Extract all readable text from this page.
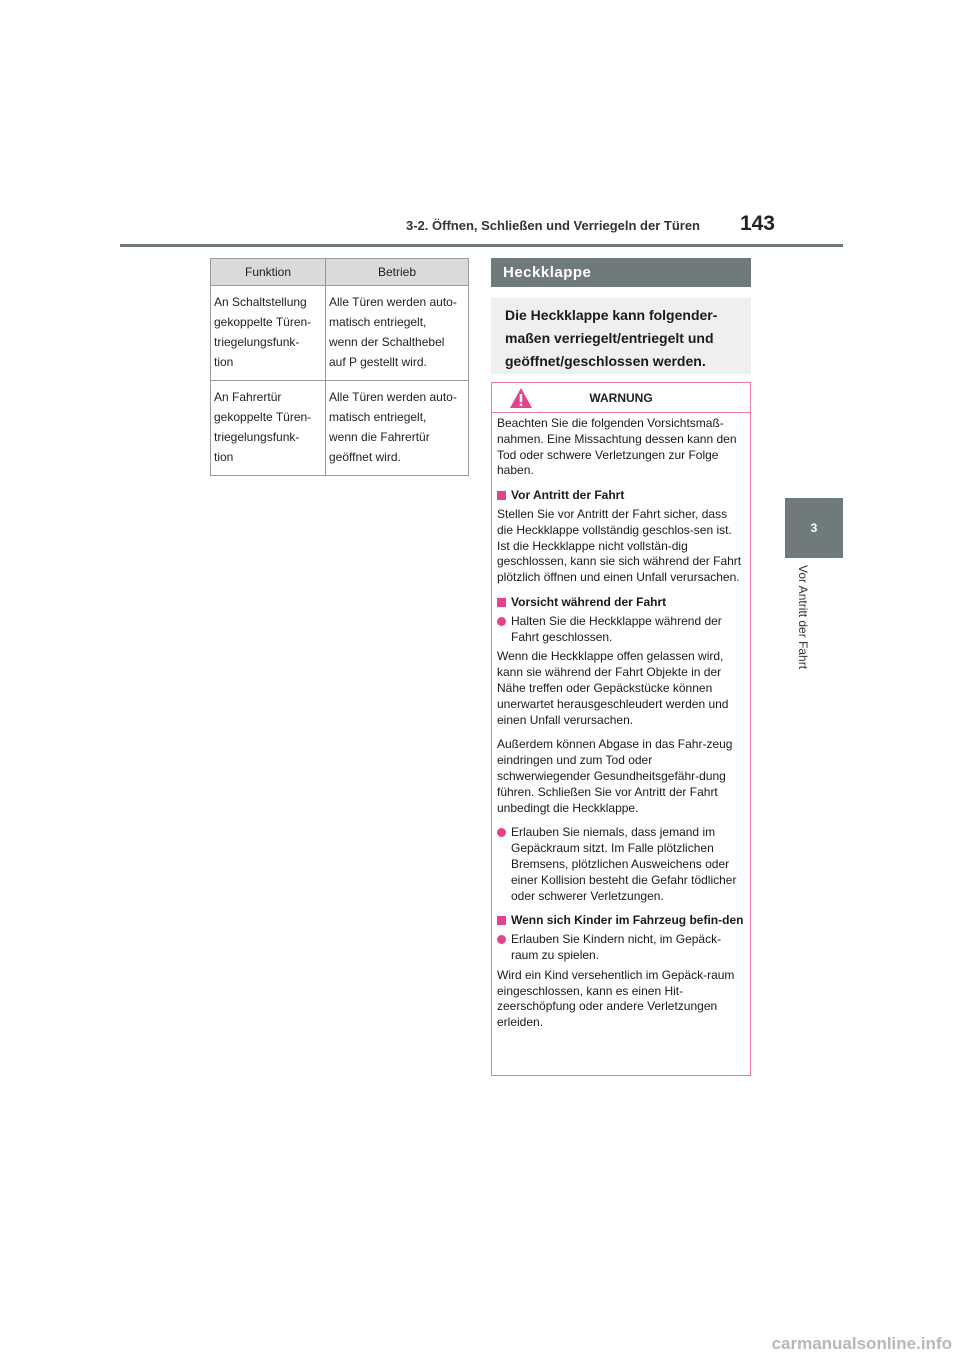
3-2. Öffnen, Schließen und Verriegeln der Türen 143
3
Vor Antritt der Fahrt
Funktion	Betrieb

An Schaltstellung
gekoppelte Türen-
triegelungsfunk-
tion	Alle Türen werden auto-
matisch entriegelt,
wenn der Schalthebel
auf P gestellt wird.

An Fahrertür
gekoppelte Türen-
triegelungsfunk-
tion	Alle Türen werden auto-
matisch entriegelt,
wenn die Fahrertür
geöffnet wird.
Heckklappe
Die Heckklappe kann folgender-maßen verriegelt/entriegelt und geöffnet/geschlossen werden.
WARNUNG

Beachten Sie die folgenden Vorsichtsmaß-nahmen. Eine Missachtung dessen kann den Tod oder schwere Verletzungen zur Folge haben.

Vor Antritt der Fahrt

Stellen Sie vor Antritt der Fahrt sicher, dass die Heckklappe vollständig geschlos-sen ist. Ist die Heckklappe nicht vollstän-dig geschlossen, kann sie sich während der Fahrt plötzlich öffnen und einen Unfall verursachen.

Vorsicht während der Fahrt
Halten Sie die Heckklappe während der Fahrt geschlossen.

Wenn die Heckklappe offen gelassen wird, kann sie während der Fahrt Objekte in der Nähe treffen oder Gepäckstücke können unerwartet herausgeschleudert werden und einen Unfall verursachen.

Außerdem können Abgase in das Fahr-zeug eindringen und zum Tod oder schwerwiegender Gesundheitsgefähr-dung führen. Schließen Sie vor Antritt der Fahrt unbedingt die Heckklappe.

Erlauben Sie niemals, dass jemand im Gepäckraum sitzt. Im Falle plötzlichen Bremsens, plötzlichen Ausweichens oder einer Kollision besteht die Gefahr tödlicher oder schwerer Verletzungen.
Wenn sich Kinder im Fahrzeug befin-den
Erlauben Sie Kindern nicht, im Gepäck-raum zu spielen.

Wird ein Kind versehentlich im Gepäck-raum eingeschlossen, kann es einen Hit-zeerschöpfung oder andere Verletzungen erleiden.

carmanualsonline.info
